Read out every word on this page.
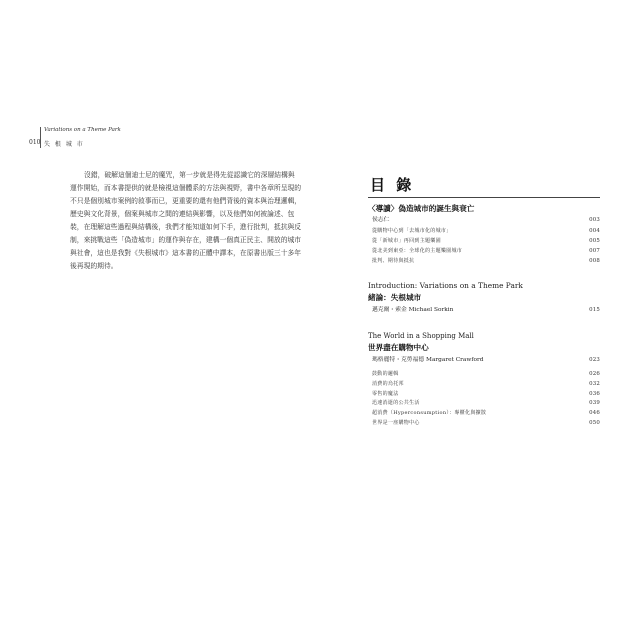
Variations on a Theme Park
010 失 根 城 市
沒錯，破解這個迪士尼的魔咒，第一步就是得先從認識它的深層結構與
運作開始，而本書提供的就是檢視這個體系的方法與視野，書中各章所呈現的
不只是個別城市案例的敘事而已，更重要的還有他們背後的資本與治理邏輯，
歷史與文化背景，個案與城市之間的連結與影響，以及他們如何被論述、包
裝，在理解這些過程與結構後，我們才能知道如何下手，進行批判，抵抗與反
制，來挑戰這些「偽造城市」的運作與存在，建構一個真正民主、開放的城市
與社會，這也是我對《失根城市》這本書的正體中譯本，在原書出版三十多年
後再現的期待。
目 錄
〈導讀〉偽造城市的誕生與衰亡
侯志仁	003
從購物中心到「去城市化的城市」	004
從「新城市」再回到主題樂園	005
從北美到東亞：全球化的主題樂園城市	007
批判、期待與抵抗	008
Introduction: Variations on a Theme Park
緒論：失根城市
邁克爾・索金 Michael Sorkin	015
The World in a Shopping Mall
世界盡在購物中心
瑪格麗特・克勞福德 Margaret Crawford	023
鼓動的邏輯	026
消費的烏托邦	032
零售的魔法	036
迅速消逝的公共生活	039
超消費（Hyperconsumption）：專櫃化與擴散	046
世界是一座購物中心	050
